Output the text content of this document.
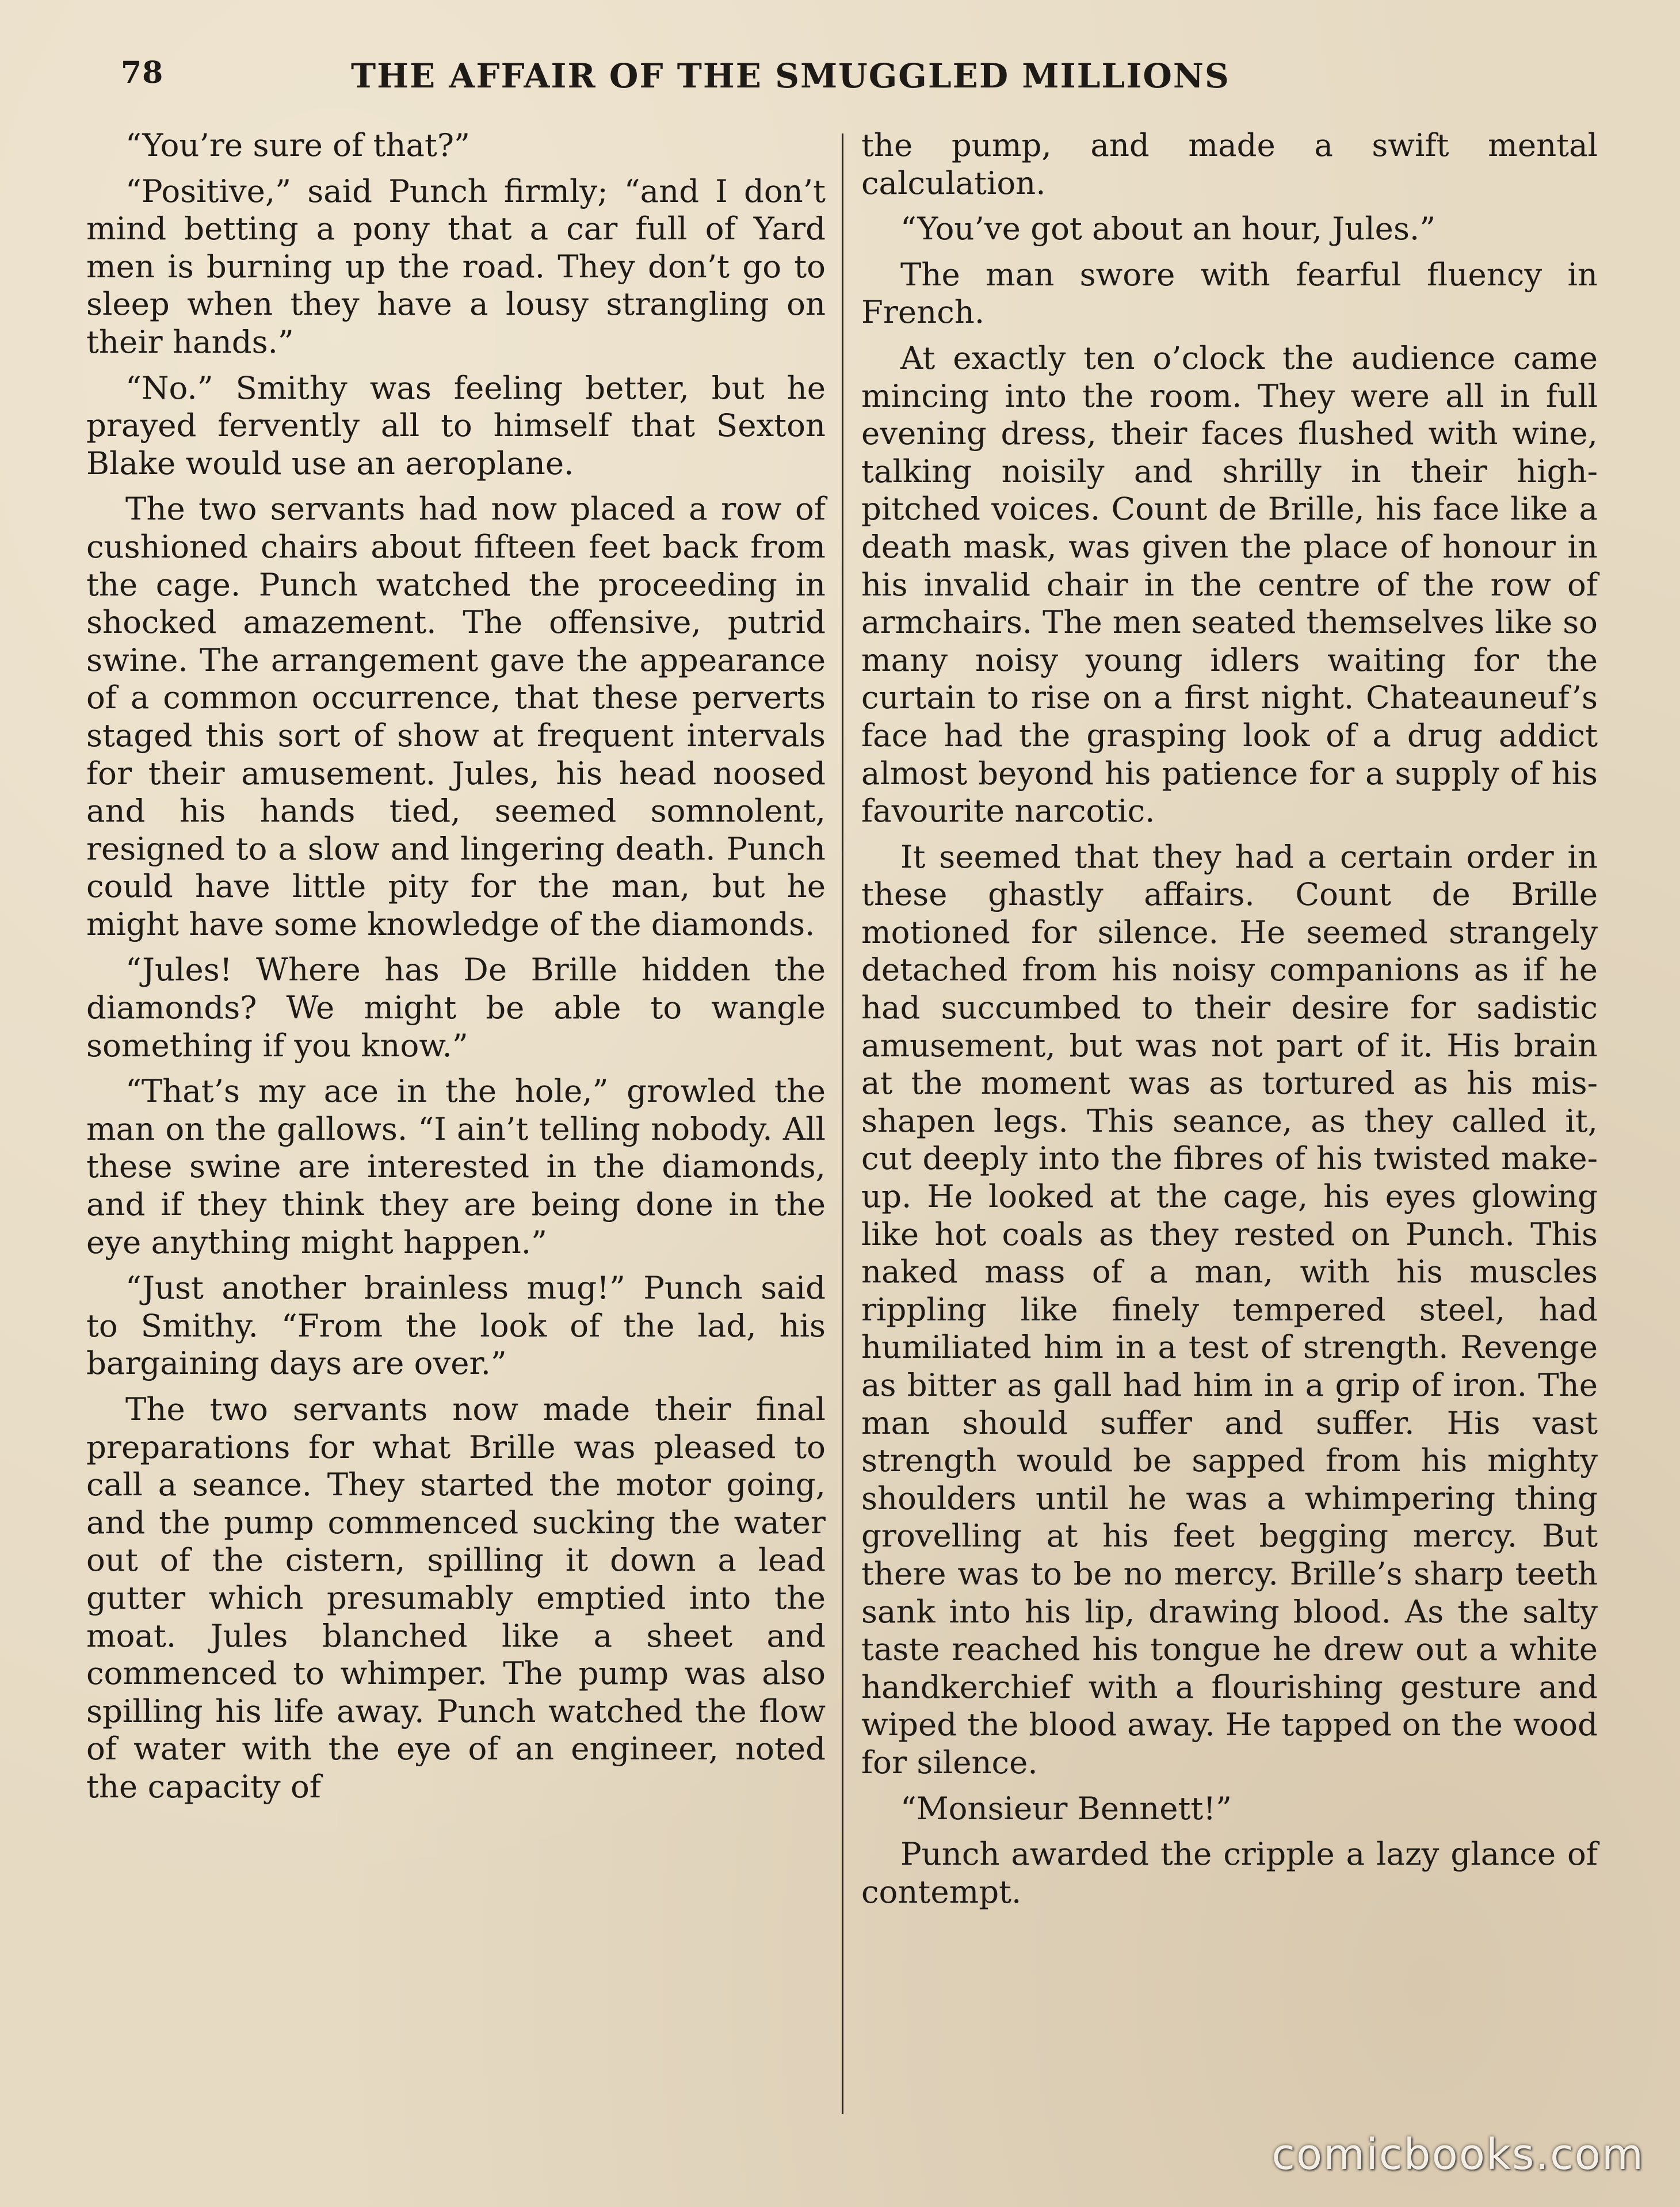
78	THE AFFAIR OF THE SMUGGLED MILLIONS

“You’re sure of that?”

“Positive,” said Punch firmly; “and I don’t mind betting a pony that a car full of Yard men is burning up the road. They don’t go to sleep when they have a lousy strangling on their hands.”

“No.” Smithy was feeling better, but he prayed fervently all to himself that Sexton Blake would use an aeroplane.

The two servants had now placed a row of cushioned chairs about fifteen feet back from the cage. Punch watched the proceeding in shocked amazement. The offensive, putrid swine. The arrangement gave the appearance of a common occurrence, that these perverts staged this sort of show at frequent intervals for their amusement. Jules, his head noosed and his hands tied, seemed somnolent, resigned to a slow and lingering death. Punch could have little pity for the man, but he might have some knowledge of the diamonds.

“Jules! Where has De Brille hidden the diamonds? We might be able to wangle something if you know.”

“That’s my ace in the hole,” growled the man on the gallows. “I ain’t telling nobody. All these swine are interested in the diamonds, and if they think they are being done in the eye anything might happen.”

“Just another brainless mug!” Punch said to Smithy. “From the look of the lad, his bargaining days are over.”

The two servants now made their final preparations for what Brille was pleased to call a seance. They started the motor going, and the pump commenced sucking the water out of the cistern, spilling it down a lead gutter which presumably emptied into the moat. Jules blanched like a sheet and commenced to whimper. The pump was also spilling his life away. Punch watched the flow of water with the eye of an engineer, noted the capacity of

the pump, and made a swift mental calculation.

“You’ve got about an hour, Jules.”

The man swore with fearful fluency in French.

At exactly ten o’clock the audience came mincing into the room. They were all in full evening dress, their faces flushed with wine, talking noisily and shrilly in their high-pitched voices. Count de Brille, his face like a death mask, was given the place of honour in his invalid chair in the centre of the row of armchairs. The men seated themselves like so many noisy young idlers waiting for the curtain to rise on a first night. Chateauneuf’s face had the grasping look of a drug addict almost beyond his patience for a supply of his favourite narcotic.

It seemed that they had a certain order in these ghastly affairs. Count de Brille motioned for silence. He seemed strangely detached from his noisy companions as if he had succumbed to their desire for sadistic amusement, but was not part of it. His brain at the moment was as tortured as his mis-shapen legs. This seance, as they called it, cut deeply into the fibres of his twisted make-up. He looked at the cage, his eyes glowing like hot coals as they rested on Punch. This naked mass of a man, with his muscles rippling like finely tempered steel, had humiliated him in a test of strength. Revenge as bitter as gall had him in a grip of iron. The man should suffer and suffer. His vast strength would be sapped from his mighty shoulders until he was a whimpering thing grovelling at his feet begging mercy. But there was to be no mercy. Brille’s sharp teeth sank into his lip, drawing blood. As the salty taste reached his tongue he drew out a white handkerchief with a flourishing gesture and wiped the blood away. He tapped on the wood for silence.

“Monsieur Bennett!”

Punch awarded the cripple a lazy glance of contempt.

comicbooks.com
